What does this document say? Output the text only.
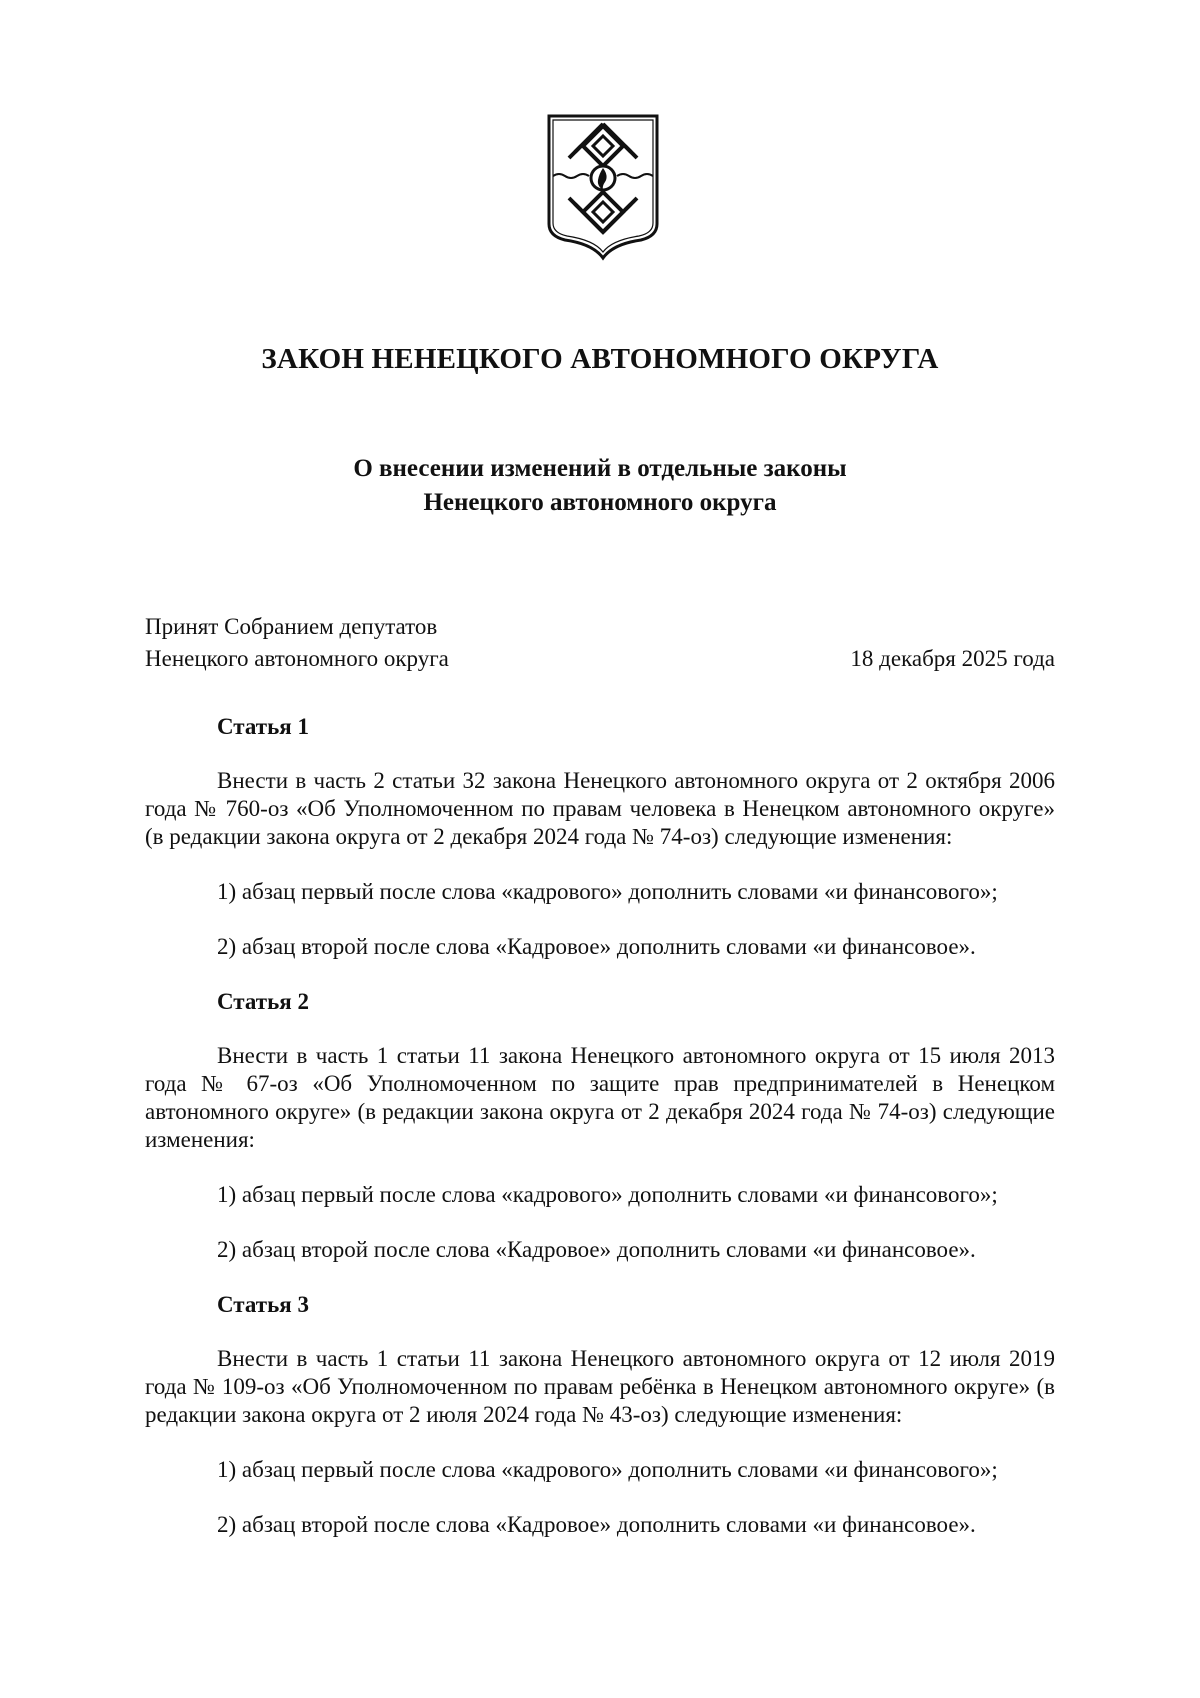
ЗАКОН НЕНЕЦКОГО АВТОНОМНОГО ОКРУГА
О внесении изменений в отдельные законы
Ненецкого автономного округа
Принят Собранием депутатов
Ненецкого автономного округа	18 декабря 2025 года
Статья 1
Внести в часть 2 статьи 32 закона Ненецкого автономного округа от 2 октября 2006 года № 760-оз «Об Уполномоченном по правам человека в Ненецком автономного округе» (в редакции закона округа от 2 декабря 2024 года № 74-оз) следующие изменения:
1) абзац первый после слова «кадрового» дополнить словами «и финансового»;
2) абзац второй после слова «Кадровое» дополнить словами «и финансовое».
Статья 2
Внести в часть 1 статьи 11 закона Ненецкого автономного округа от 15 июля 2013 года № 67-оз «Об Уполномоченном по защите прав предпринимателей в Ненецком автономного округе» (в редакции закона округа от 2 декабря 2024 года № 74-оз) следующие изменения:
1) абзац первый после слова «кадрового» дополнить словами «и финансового»;
2) абзац второй после слова «Кадровое» дополнить словами «и финансовое».
Статья 3
Внести в часть 1 статьи 11 закона Ненецкого автономного округа от 12 июля 2019 года № 109-оз «Об Уполномоченном по правам ребёнка в Ненецком автономного округе» (в редакции закона округа от 2 июля 2024 года № 43-оз) следующие изменения:
1) абзац первый после слова «кадрового» дополнить словами «и финансового»;
2) абзац второй после слова «Кадровое» дополнить словами «и финансовое».
